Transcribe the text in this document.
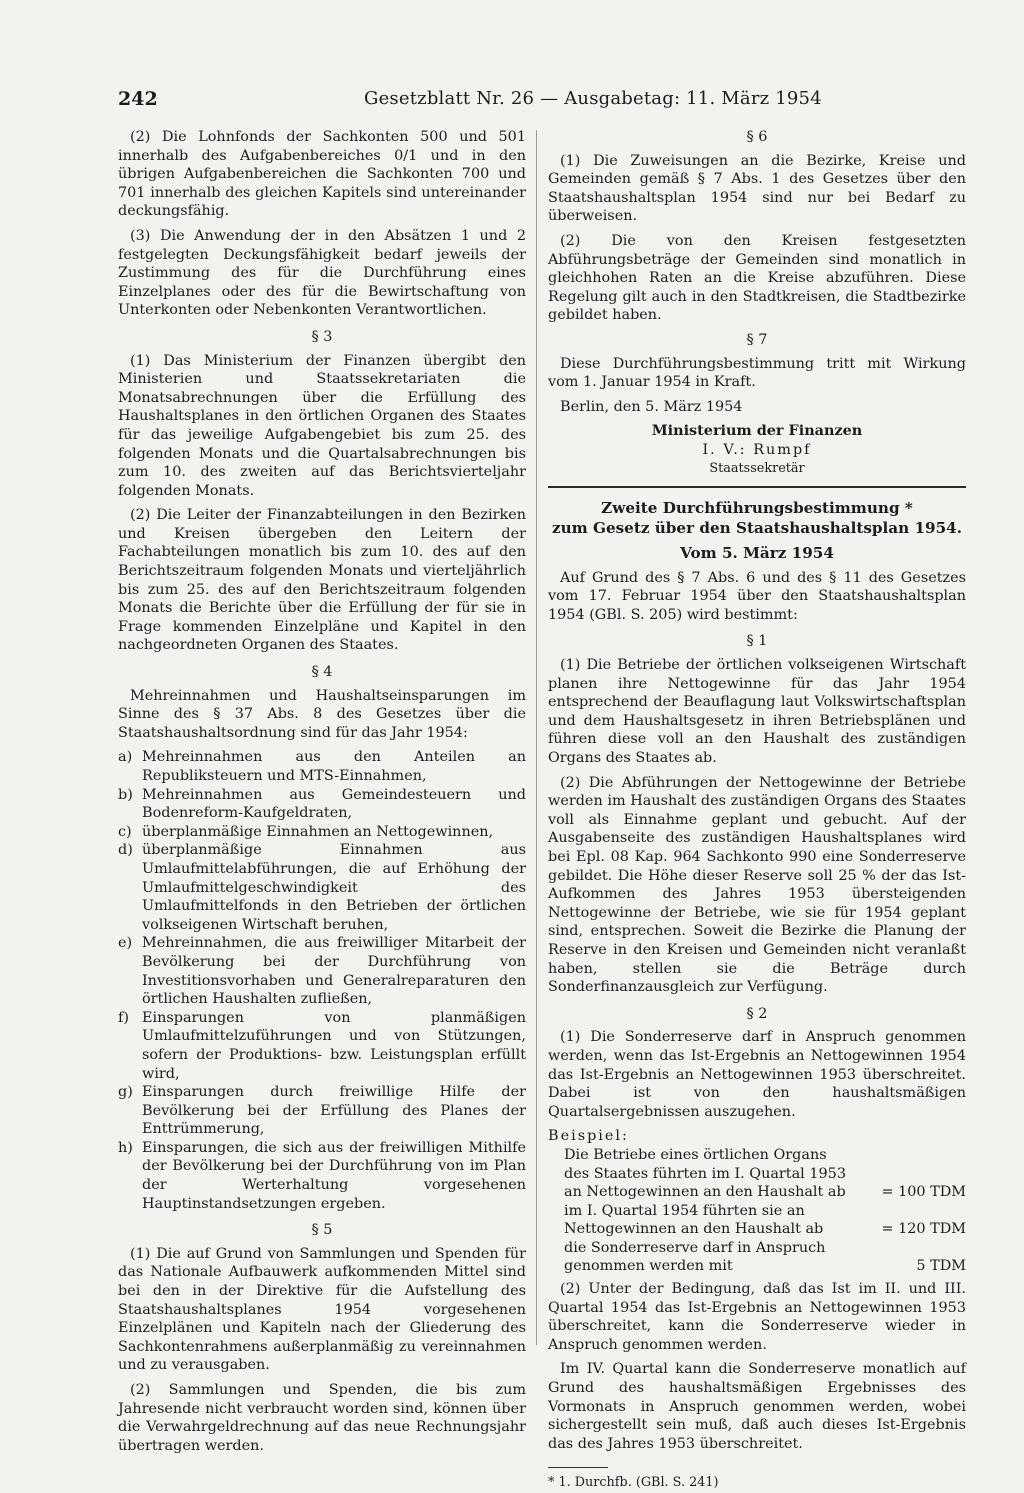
242	Gesetzblatt Nr. 26 — Ausgabetag: 11. März 1954

(2) Die Lohnfonds der Sachkonten 500 und 501 innerhalb des Aufgabenbereiches 0/1 und in den übrigen Aufgabenbereichen die Sachkonten 700 und 701 innerhalb des gleichen Kapitels sind untereinander deckungsfähig.

(3) Die Anwendung der in den Absätzen 1 und 2 festgelegten Deckungsfähigkeit bedarf jeweils der Zustimmung des für die Durchführung eines Einzelplanes oder des für die Bewirtschaftung von Unterkonten oder Nebenkonten Verantwortlichen.

§ 3

(1) Das Ministerium der Finanzen übergibt den Ministerien und Staatssekretariaten die Monatsabrechnungen über die Erfüllung des Haushaltsplanes in den örtlichen Organen des Staates für das jeweilige Aufgabengebiet bis zum 25. des folgenden Monats und die Quartalsabrechnungen bis zum 10. des zweiten auf das Berichtsvierteljahr folgenden Monats.

(2) Die Leiter der Finanzabteilungen in den Bezirken und Kreisen übergeben den Leitern der Fachabteilungen monatlich bis zum 10. des auf den Berichtszeitraum folgenden Monats und vierteljährlich bis zum 25. des auf den Berichtszeitraum folgenden Monats die Berichte über die Erfüllung der für sie in Frage kommenden Einzelpläne und Kapitel in den nachgeordneten Organen des Staates.

§ 4

Mehreinnahmen und Haushaltseinsparungen im Sinne des § 37 Abs. 8 des Gesetzes über die Staatshaushaltsordnung sind für das Jahr 1954:

a) Mehreinnahmen aus den Anteilen an Republiksteuern und MTS-Einnahmen,
b) Mehreinnahmen aus Gemeindesteuern und Bodenreform-Kaufgeldraten,
c) überplanmäßige Einnahmen an Nettogewinnen,
d) überplanmäßige Einnahmen aus Umlaufmittelabführungen, die auf Erhöhung der Umlaufmittelgeschwindigkeit des Umlaufmittelfonds in den Betrieben der örtlichen volkseigenen Wirtschaft beruhen,
e) Mehreinnahmen, die aus freiwilliger Mitarbeit der Bevölkerung bei der Durchführung von Investitionsvorhaben und Generalreparaturen den örtlichen Haushalten zufließen,
f) Einsparungen von planmäßigen Umlaufmittelzuführungen und von Stützungen, sofern der Produktions- bzw. Leistungsplan erfüllt wird,
g) Einsparungen durch freiwillige Hilfe der Bevölkerung bei der Erfüllung des Planes der Enttrümmerung,
h) Einsparungen, die sich aus der freiwilligen Mithilfe der Bevölkerung bei der Durchführung von im Plan der Werterhaltung vorgesehenen Hauptinstandsetzungen ergeben.
§ 5

(1) Die auf Grund von Sammlungen und Spenden für das Nationale Aufbauwerk aufkommenden Mittel sind bei den in der Direktive für die Aufstellung des Staatshaushaltsplanes 1954 vorgesehenen Einzelplänen und Kapiteln nach der Gliederung des Sachkontenrahmens außerplanmäßig zu vereinnahmen und zu verausgaben.

(2) Sammlungen und Spenden, die bis zum Jahresende nicht verbraucht worden sind, können über die Verwahrgeldrechnung auf das neue Rechnungsjahr übertragen werden.

§ 6

(1) Die Zuweisungen an die Bezirke, Kreise und Gemeinden gemäß § 7 Abs. 1 des Gesetzes über den Staatshaushaltsplan 1954 sind nur bei Bedarf zu überweisen.

(2) Die von den Kreisen festgesetzten Abführungsbeträge der Gemeinden sind monatlich in gleichhohen Raten an die Kreise abzuführen. Diese Regelung gilt auch in den Stadtkreisen, die Stadtbezirke gebildet haben.

§ 7

Diese Durchführungsbestimmung tritt mit Wirkung vom 1. Januar 1954 in Kraft.

Berlin, den 5. März 1954

Ministerium der Finanzen

I. V.: Rumpf

Staatssekretär

Zweite Durchführungsbestimmung *

zum Gesetz über den Staatshaushaltsplan 1954.

Vom 5. März 1954

Auf Grund des § 7 Abs. 6 und des § 11 des Gesetzes vom 17. Februar 1954 über den Staatshaushaltsplan 1954 (GBl. S. 205) wird bestimmt:

§ 1

(1) Die Betriebe der örtlichen volkseigenen Wirtschaft planen ihre Nettogewinne für das Jahr 1954 entsprechend der Beauflagung laut Volkswirtschaftsplan und dem Haushaltsgesetz in ihren Betriebsplänen und führen diese voll an den Haushalt des zuständigen Organs des Staates ab.

(2) Die Abführungen der Nettogewinne der Betriebe werden im Haushalt des zuständigen Organs des Staates voll als Einnahme geplant und gebucht. Auf der Ausgabenseite des zuständigen Haushaltsplanes wird bei Epl. 08 Kap. 964 Sachkonto 990 eine Sonderreserve gebildet. Die Höhe dieser Reserve soll 25 % der das Ist-Aufkommen des Jahres 1953 übersteigenden Nettogewinne der Betriebe, wie sie für 1954 geplant sind, entsprechen. Soweit die Bezirke die Planung der Reserve in den Kreisen und Gemeinden nicht veranlaßt haben, stellen sie die Beträge durch Sonderfinanzausgleich zur Verfügung.

§ 2

(1) Die Sonderreserve darf in Anspruch genommen werden, wenn das Ist-Ergebnis an Nettogewinnen 1954 das Ist-Ergebnis an Nettogewinnen 1953 überschreitet. Dabei ist von den haushaltsmäßigen Quartalsergebnissen auszugehen.

Beispiel:
Die Betriebe eines örtlichen Organs des Staates führten im I. Quartal 1953 an Nettogewinnen an den Haushalt ab	= 100 TDM
im I. Quartal 1954 führten sie an Nettogewinnen an den Haushalt ab	= 120 TDM
die Sonderreserve darf in Anspruch genommen werden mit	5 TDM

(2) Unter der Bedingung, daß das Ist im II. und III. Quartal 1954 das Ist-Ergebnis an Nettogewinnen 1953 überschreitet, kann die Sonderreserve wieder in Anspruch genommen werden.

Im IV. Quartal kann die Sonderreserve monatlich auf Grund des haushaltsmäßigen Ergebnisses des Vormonats in Anspruch genommen werden, wobei sichergestellt sein muß, daß auch dieses Ist-Ergebnis das des Jahres 1953 überschreitet.

* 1. Durchfb. (GBl. S. 241)
